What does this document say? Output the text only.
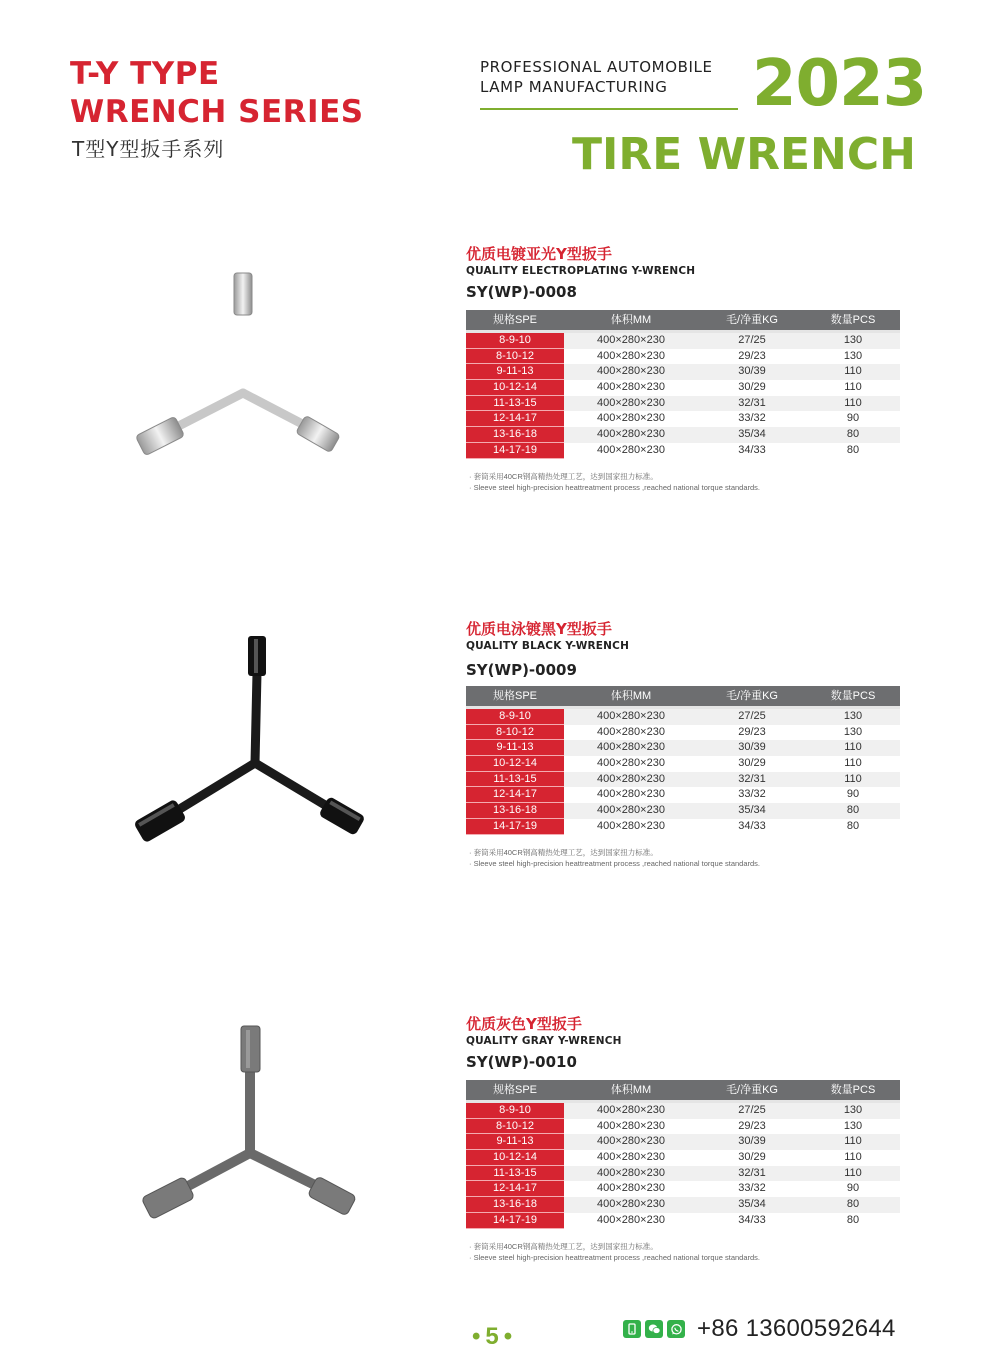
T-Y TYPE
WRENCH SERIES
T型Y型扳手系列
PROFESSIONAL AUTOMOBILE
LAMP MANUFACTURING	2023
TIRE WRENCH
优质电镀亚光Y型扳手
QUALITY ELECTROPLATING Y-WRENCH
SY(WP)-0008
规格SPE	体积MM	毛/净重KG	数量PCS
8-9-10	400×280×230	27/25	130
8-10-12	400×280×230	29/23	130
9-11-13	400×280×230	30/39	110
10-12-14	400×280×230	30/29	110
11-13-15	400×280×230	32/31	110
12-14-17	400×280×230	33/32	90
13-16-18	400×280×230	35/34	80
14-17-19	400×280×230	34/33	80
· 套筒采用40CR钢高精热处理工艺，达到国家扭力标准。
· Sleeve steel high-precision heattreatment process ,reached national torque standards.
优质电泳镀黑Y型扳手
QUALITY BLACK Y-WRENCH
SY(WP)-0009
规格SPE	体积MM	毛/净重KG	数量PCS
8-9-10	400×280×230	27/25	130
8-10-12	400×280×230	29/23	130
9-11-13	400×280×230	30/39	110
10-12-14	400×280×230	30/29	110
11-13-15	400×280×230	32/31	110
12-14-17	400×280×230	33/32	90
13-16-18	400×280×230	35/34	80
14-17-19	400×280×230	34/33	80
· 套筒采用40CR钢高精热处理工艺，达到国家扭力标准。
· Sleeve steel high-precision heattreatment process ,reached national torque standards.
优质灰色Y型扳手
QUALITY GRAY Y-WRENCH
SY(WP)-0010
规格SPE	体积MM	毛/净重KG	数量PCS
8-9-10	400×280×230	27/25	130
8-10-12	400×280×230	29/23	130
9-11-13	400×280×230	30/39	110
10-12-14	400×280×230	30/29	110
11-13-15	400×280×230	32/31	110
12-14-17	400×280×230	33/32	90
13-16-18	400×280×230	35/34	80
14-17-19	400×280×230	34/33	80
· 套筒采用40CR钢高精热处理工艺，达到国家扭力标准。
· Sleeve steel high-precision heattreatment process ,reached national torque standards.
•5•	+86 13600592644
